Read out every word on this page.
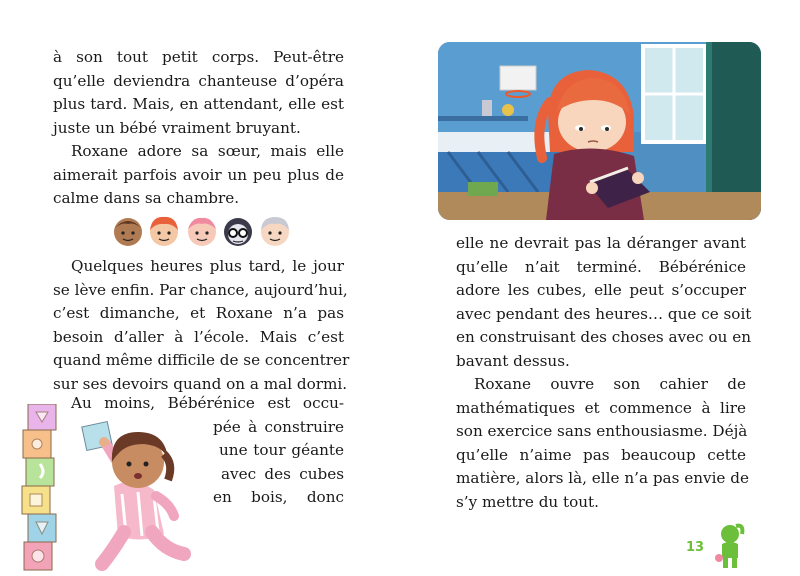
à son tout petit corps. Peut-être
qu’elle deviendra chanteuse d’opéra
plus tard. Mais, en attendant, elle est
juste un bébé vraiment bruyant.
Roxane adore sa sœur, mais elle
aimerait parfois avoir un peu plus de
calme dans sa chambre.
Quelques heures plus tard, le jour
se lève enfin. Par chance, aujourd’hui,
c’est dimanche, et Roxane n’a pas
besoin d’aller à l’école. Mais c’est
quand même difficile de se concentrer
sur ses devoirs quand on a mal dormi.
Au moins, Bébérénice est occu-
pée à construire
une tour géante
avec des cubes
en bois, donc
elle ne devrait pas la déranger avant
qu’elle n’ait terminé. Bébérénice
adore les cubes, elle peut s’occuper
avec pendant des heures… que ce soit
en construisant des choses avec ou en
bavant dessus.
Roxane ouvre son cahier de
mathématiques et commence à lire
son exercice sans enthousiasme. Déjà
qu’elle n’aime pas beaucoup cette
matière, alors là, elle n’a pas envie de
s’y mettre du tout.
13
